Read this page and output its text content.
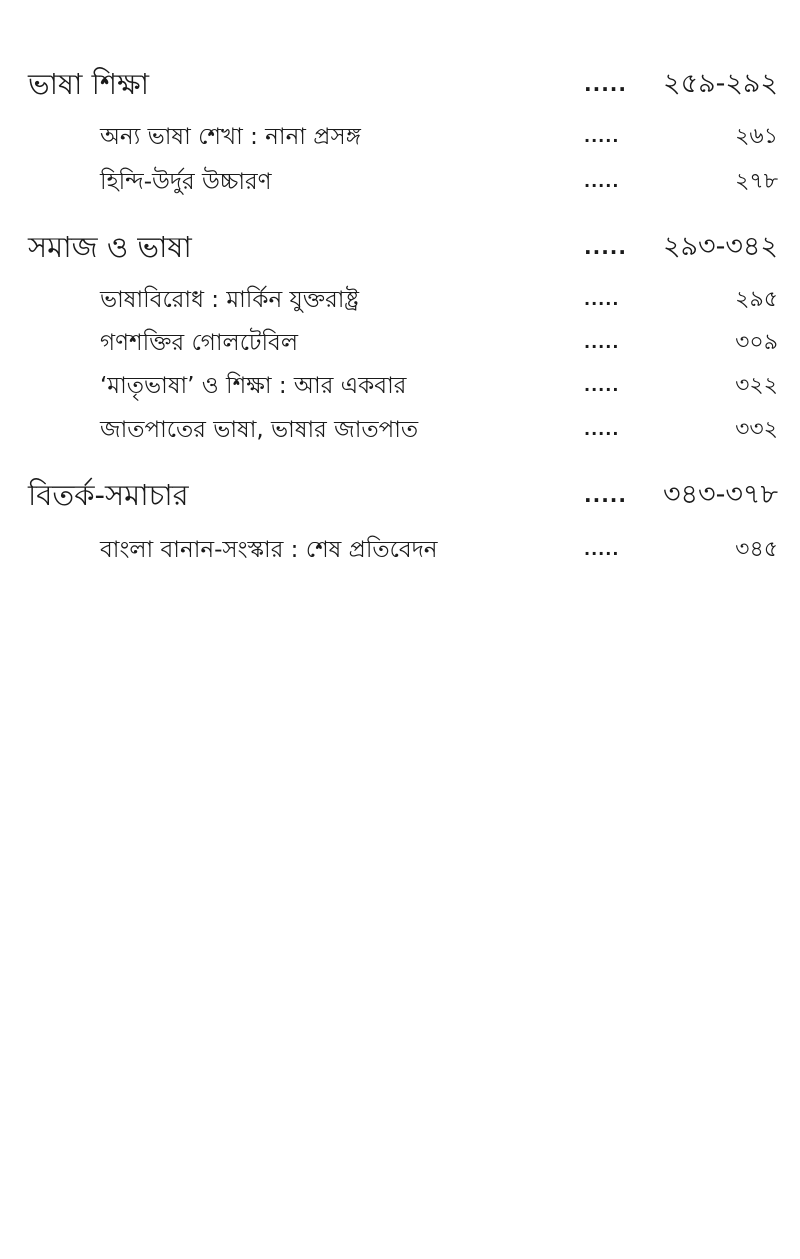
ভাষা শিক্ষা	..... ২৫৯-২৯২
অন্য ভাষা শেখা : নানা প্রসঙ্গ	.....	২৬১
হিন্দি-উর্দুর উচ্চারণ	.....	২৭৮
সমাজ ও ভাষা	..... ২৯৩-৩৪২
ভাষাবিরোধ : মার্কিন যুক্তরাষ্ট্র	.....	২৯৫
গণশক্তির গোলটেবিল	.....	৩০৯
‘মাতৃভাষা’ ও শিক্ষা : আর একবার	.....	৩২২
জাতপাতের ভাষা, ভাষার জাতপাত	.....	৩৩২
বিতর্ক-সমাচার	..... ৩৪৩-৩৭৮
বাংলা বানান-সংস্কার : শেষ প্রতিবেদন	.....	৩৪৫
